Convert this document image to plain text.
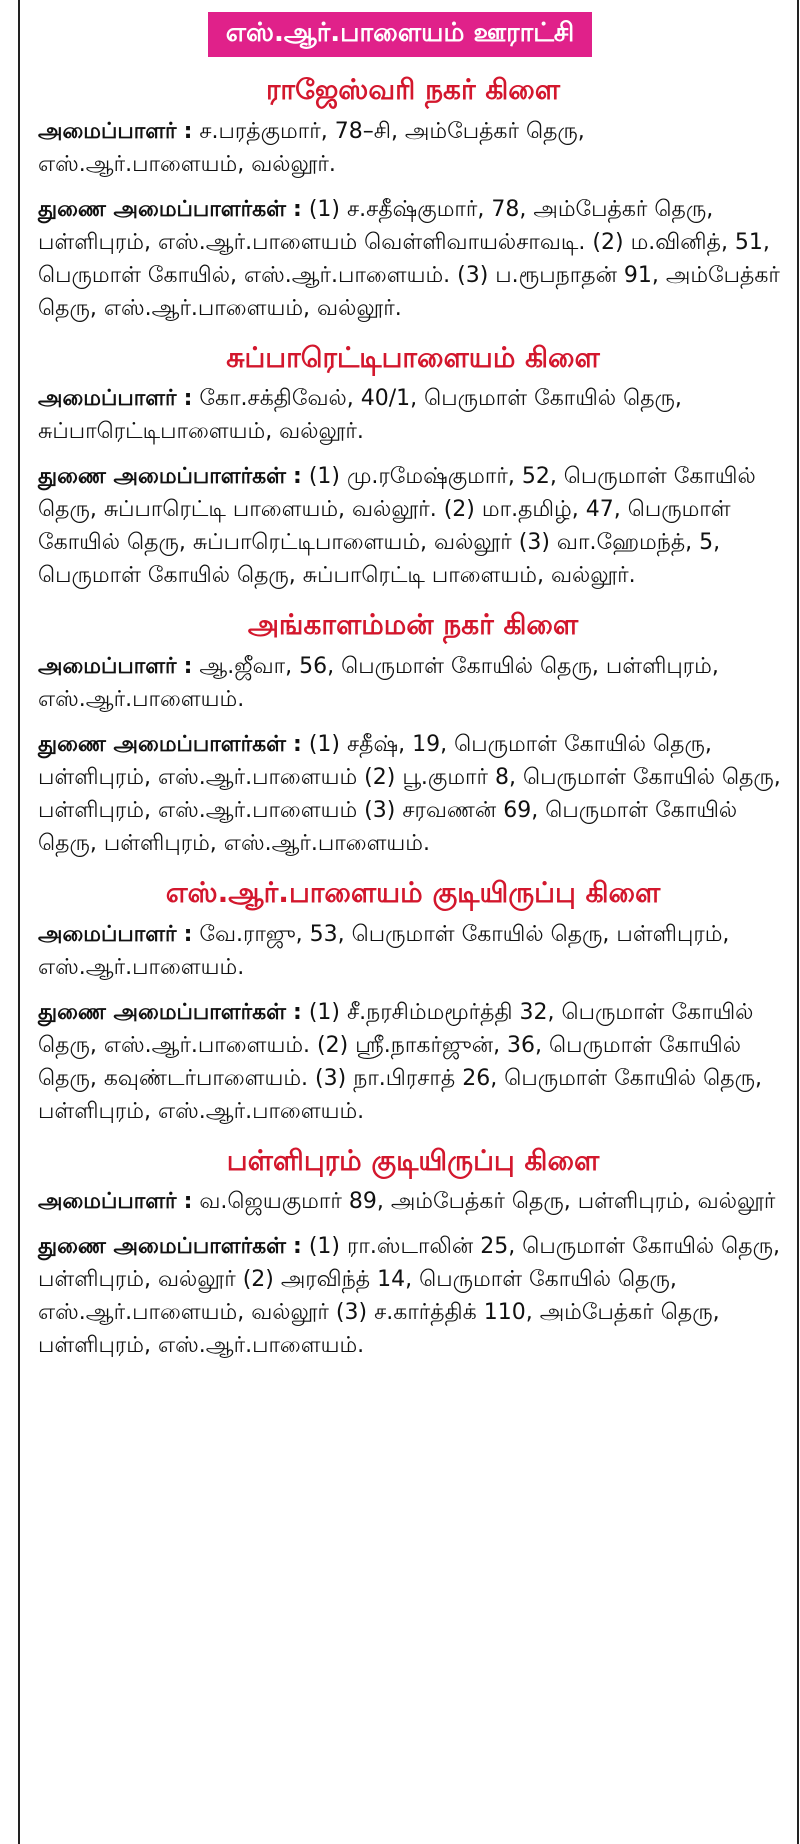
எஸ்.ஆர்.பாளையம் ஊராட்சி
ராஜேஸ்வரி நகர் கிளை

அமைப்பாளர் : ச.பரத்குமார், 78–சி, அம்பேத்கர் தெரு, எஸ்.ஆர்.பாளையம், வல்லூர்.

துணை அமைப்பாளர்கள் : (1) ச.சதீஷ்குமார், 78, அம்பேத்கர் தெரு, பள்ளிபுரம், எஸ்.ஆர்.பாளையம் வெள்ளிவாயல்சாவடி. (2) ம.வினித், 51, பெருமாள் கோயில், எஸ்.ஆர்.பாளையம். (3) ப.ரூபநாதன் 91, அம்பேத்கர் தெரு, எஸ்.ஆர்.பாளையம், வல்லூர்.

சுப்பாரெட்டிபாளையம் கிளை

அமைப்பாளர் : கோ.சக்திவேல், 40/1, பெருமாள் கோயில் தெரு, சுப்பாரெட்டிபாளையம், வல்லூர்.

துணை அமைப்பாளர்கள் : (1) மு.ரமேஷ்குமார், 52, பெருமாள் கோயில் தெரு, சுப்பாரெட்டி பாளையம், வல்லூர். (2) மா.தமிழ், 47, பெருமாள் கோயில் தெரு, சுப்பாரெட்டிபாளையம், வல்லூர் (3) வா.ஹேமந்த், 5, பெருமாள் கோயில் தெரு, சுப்பாரெட்டி பாளையம், வல்லூர்.

அங்காளம்மன் நகர் கிளை

அமைப்பாளர் : ஆ.ஜீவா, 56, பெருமாள் கோயில் தெரு, பள்ளிபுரம், எஸ்.ஆர்.பாளையம்.

துணை அமைப்பாளர்கள் : (1) சதீஷ், 19, பெருமாள் கோயில் தெரு, பள்ளிபுரம், எஸ்.ஆர்.பாளையம் (2) பூ.குமார் 8, பெருமாள் கோயில் தெரு, பள்ளிபுரம், எஸ்.ஆர்.பாளையம் (3) சரவணன் 69, பெருமாள் கோயில் தெரு, பள்ளிபுரம், எஸ்.ஆர்.பாளையம்.

எஸ்.ஆர்.பாளையம் குடியிருப்பு கிளை

அமைப்பாளர் : வே.ராஜு, 53, பெருமாள் கோயில் தெரு, பள்ளிபுரம், எஸ்.ஆர்.பாளையம்.

துணை அமைப்பாளர்கள் : (1) சீ.நரசிம்மமூர்த்தி 32, பெருமாள் கோயில் தெரு, எஸ்.ஆர்.பாளையம். (2) ஸ்ரீ.நாகர்ஜுன், 36, பெருமாள் கோயில் தெரு, கவுண்டர்பாளையம். (3) நா.பிரசாத் 26, பெருமாள் கோயில் தெரு, பள்ளிபுரம், எஸ்.ஆர்.பாளையம்.

பள்ளிபுரம் குடியிருப்பு கிளை

அமைப்பாளர் : வ.ஜெயகுமார் 89, அம்பேத்கர் தெரு, பள்ளிபுரம், வல்லூர்

துணை அமைப்பாளர்கள் : (1) ரா.ஸ்டாலின் 25, பெருமாள் கோயில் தெரு, பள்ளிபுரம், வல்லூர் (2) அரவிந்த் 14, பெருமாள் கோயில் தெரு, எஸ்.ஆர்.பாளையம், வல்லூர் (3) ச.கார்த்திக் 110, அம்பேத்கர் தெரு, பள்ளிபுரம், எஸ்.ஆர்.பாளையம்.
